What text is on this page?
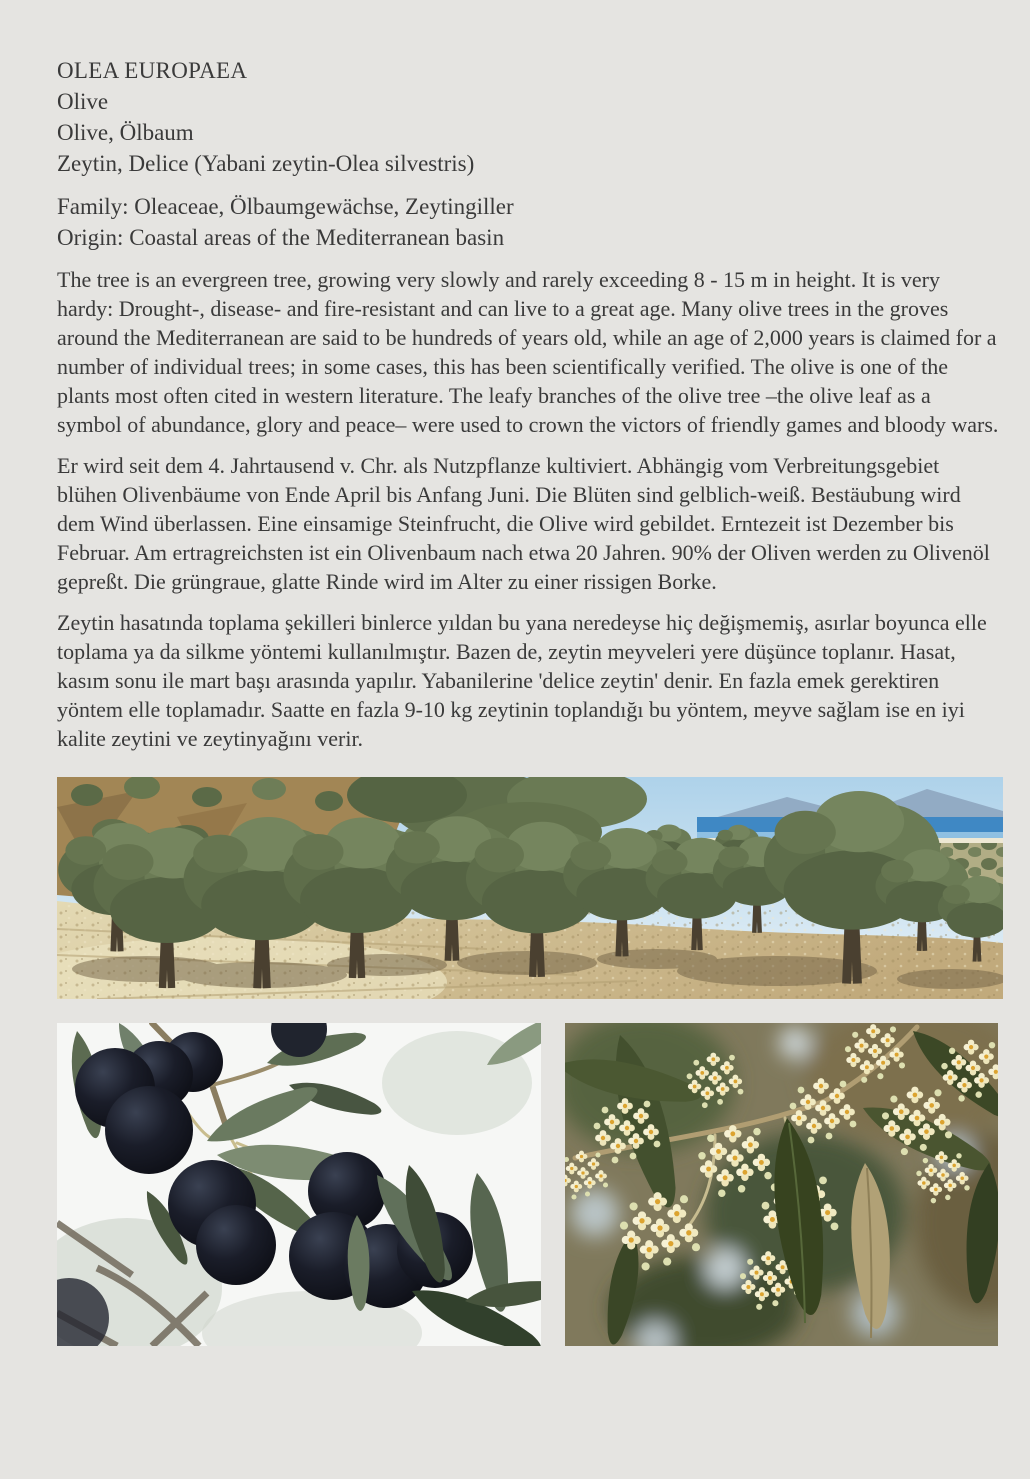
OLEA EUROPAEA
Olive
Olive, Ölbaum
Zeytin, Delice (Yabani zeytin-Olea silvestris)
Family: Oleaceae, Ölbaumgewächse, Zeytingiller
Origin: Coastal areas of the Mediterranean basin

The tree is an evergreen tree, growing very slowly and rarely exceeding 8 - 15 m in height. It is very hardy: Drought-, disease- and fire-resistant and can live to a great age. Many olive trees in the groves around the Mediterranean are said to be hundreds of years old, while an age of 2,000 years is claimed for a number of individual trees; in some cases, this has been scientifically verified. The olive is one of the plants most often cited in western literature. The leafy branches of the olive tree –the olive leaf as a symbol of abundance, glory and peace– were used to crown the victors of friendly games and bloody wars.

Er wird seit dem 4. Jahrtausend v. Chr. als Nutzpflanze kultiviert. Abhängig vom Verbreitungsgebiet blühen Olivenbäume von Ende April bis Anfang Juni. Die Blüten sind gelblich-weiß. Bestäubung wird dem Wind überlassen. Eine einsamige Steinfrucht, die Olive wird gebildet. Erntezeit ist Dezember bis Februar. Am ertragreichsten ist ein Olivenbaum nach etwa 20 Jahren. 90% der Oliven werden zu Olivenöl gepreßt. Die grüngraue, glatte Rinde wird im Alter zu einer rissigen Borke.

Zeytin hasatında toplama şekilleri binlerce yıldan bu yana neredeyse hiç değişmemiş, asırlar boyunca elle toplama ya da silkme yöntemi kullanılmıştır. Bazen de, zeytin meyveleri yere düşünce toplanır. Hasat, kasım sonu ile mart başı arasında yapılır. Yabanilerine 'delice zeytin' denir. En fazla emek gerektiren yöntem elle toplamadır. Saatte en fazla 9-10 kg zeytinin toplandığı bu yöntem, meyve sağlam ise en iyi kalite zeytini ve zeytinyağını verir.
